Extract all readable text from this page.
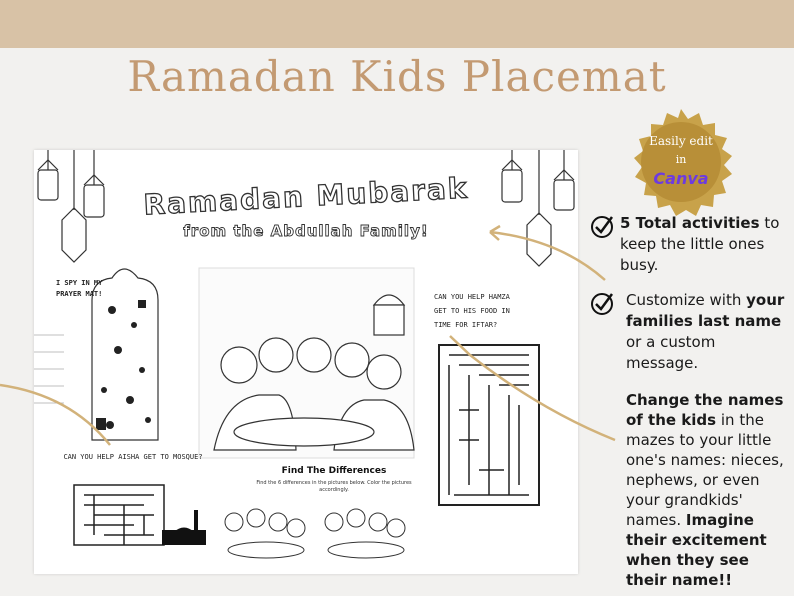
Ramadan Kids Placemat
Ramadan Mubarak
from the Abdullah Family!
I SPY IN MY PRAYER MAT!
CAN YOU HELP AISHA GET TO MOSQUE?
CAN YOU HELP HAMZA GET TO HIS FOOD IN TIME FOR IFTAR?
Find The Differences
Find the 6 differences in the pictures below. Color the pictures accordingly.
Easily edit
in
Canva
5 Total activities to keep the little ones busy.
Customize with your families last name or a custom message.
Change the names of the kids in the mazes to your little one's names: nieces, nephews, or even your grandkids' names. Imagine their excitement when they see their name!!
